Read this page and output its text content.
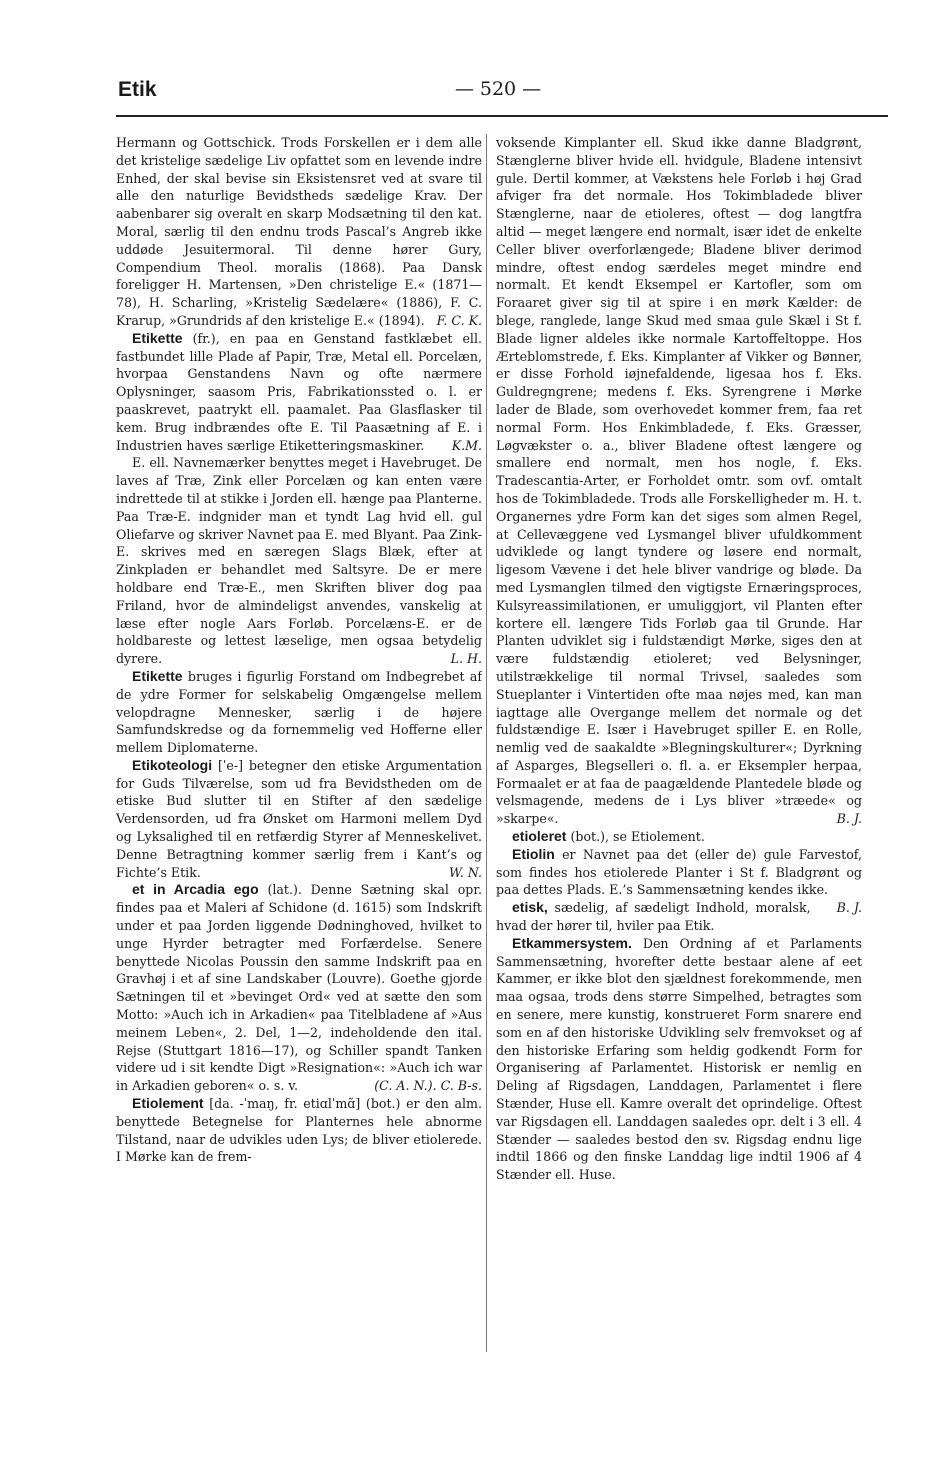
Etik	— 520 —

Hermann og Gottschick. Trods Forskellen er i dem alle det kristelige sædelige Liv opfattet som en levende indre Enhed, der skal bevise sin Eksistensret ved at svare til alle den naturlige Bevidstheds sædelige Krav. Der aabenbarer sig overalt en skarp Modsætning til den kat. Moral, særlig til den endnu trods Pascal’s Angreb ikke uddøde Jesuitermoral. Til denne hører Gury, Compendium Theol. moralis (1868). Paa Dansk foreligger H. Martensen, »Den christelige E.« (1871—78), H. Scharling, »Kristelig Sædelære« (1886), F. C. Krarup, »Grundrids af den kristelige E.« (1894). F. C. K.

Etikette (fr.), en paa en Genstand fastklæbet ell. fastbundet lille Plade af Papir, Træ, Metal ell. Porcelæn, hvorpaa Genstandens Navn og ofte nærmere Oplysninger, saasom Pris, Fabrikationssted o. l. er paaskrevet, paatrykt ell. paamalet. Paa Glasflasker til kem. Brug indbrændes ofte E. Til Paasætning af E. i Industrien haves særlige Etiketteringsmaskiner.	K.M.

E. ell. Navnemærker benyttes meget i Havebruget. De laves af Træ, Zink eller Porcelæn og kan enten være indrettede til at stikke i Jorden ell. hænge paa Planterne. Paa Træ-E. indgnider man et tyndt Lag hvid ell. gul Oliefarve og skriver Navnet paa E. med Blyant. Paa Zink-E. skrives med en særegen Slags Blæk, efter at Zinkpladen er behandlet med Saltsyre. De er mere holdbare end Træ-E., men Skriften bliver dog paa Friland, hvor de almindeligst anvendes, vanskelig at læse efter nogle Aars Forløb. Porcelæns-E. er de holdbareste og lettest læselige, men ogsaa betydelig dyrere.	L. H.

Etikette bruges i figurlig Forstand om Indbegrebet af de ydre Former for selskabelig Omgængelse mellem velopdragne Mennesker, særlig i de højere Samfundskredse og da fornemmelig ved Hofferne eller mellem Diplomaterne.

Etikoteologi [ˈe-] betegner den etiske Argumentation for Guds Tilværelse, som ud fra Bevidstheden om de etiske Bud slutter til en Stifter af den sædelige Verdensorden, ud fra Ønsket om Harmoni mellem Dyd og Lyksalighed til en retfærdig Styrer af Menneskelivet. Denne Betragtning kommer særlig frem i Kant’s og Fichte’s Etik.	W. N.

et in Arcadia ego (lat.). Denne Sætning skal opr. findes paa et Maleri af Schidone (d. 1615) som Indskrift under et paa Jorden liggende Dødninghoved, hvilket to unge Hyrder betragter med Forfærdelse. Senere benyttede Nicolas Poussin den samme Indskrift paa en Gravhøj i et af sine Landskaber (Louvre). Goethe gjorde Sætningen til et »bevinget Ord« ved at sætte den som Motto: »Auch ich in Arkadien« paa Titelbladene af »Aus meinem Leben«, 2. Del, 1—2, indeholdende den ital. Rejse (Stuttgart 1816—17), og Schiller spandt Tanken videre ud i sit kendte Digt »Resignation«: »Auch ich war in Arkadien geboren« o. s. v.	(C. A. N.). C. B-s.

Etiolement [da. -ˈmaŋ, fr. etiɑlˈmɑ̃] (bot.) er den alm. benyttede Betegnelse for Planternes hele abnorme Tilstand, naar de udvikles uden Lys; de bliver etiolerede. I Mørke kan de frem-

voksende Kimplanter ell. Skud ikke danne Bladgrønt, Stænglerne bliver hvide ell. hvidgule, Bladene intensivt gule. Dertil kommer, at Vækstens hele Forløb i høj Grad afviger fra det normale. Hos Tokimbladede bliver Stænglerne, naar de etioleres, oftest — dog langtfra altid — meget længere end normalt, især idet de enkelte Celler bliver overforlængede; Bladene bliver derimod mindre, oftest endog særdeles meget mindre end normalt. Et kendt Eksempel er Kartofler, som om Foraaret giver sig til at spire i en mørk Kælder: de blege, ranglede, lange Skud med smaa gule Skæl i St f. Blade ligner aldeles ikke normale Kartoffeltoppe. Hos Ærteblomstrede, f. Eks. Kimplanter af Vikker og Bønner, er disse Forhold iøjnefaldende, ligesaa hos f. Eks. Guldregngrene; medens f. Eks. Syrengrene i Mørke lader de Blade, som overhovedet kommer frem, faa ret normal Form. Hos Enkimbladede, f. Eks. Græsser, Løgvækster o. a., bliver Bladene oftest længere og smallere end normalt, men hos nogle, f. Eks. Tradescantia-Arter, er Forholdet omtr. som ovf. omtalt hos de Tokimbladede. Trods alle Forskelligheder m. H. t. Organernes ydre Form kan det siges som almen Regel, at Cellevæggene ved Lysmangel bliver ufuldkomment udviklede og langt tyndere og løsere end normalt, ligesom Vævene i det hele bliver vandrige og bløde. Da med Lysmanglen tilmed den vigtigste Ernæringsproces, Kulsyreassimilationen, er umuliggjort, vil Planten efter kortere ell. længere Tids Forløb gaa til Grunde. Har Planten udviklet sig i fuldstændigt Mørke, siges den at være fuldstændig etioleret; ved Belysninger, utilstrækkelige til normal Trivsel, saaledes som Stueplanter i Vintertiden ofte maa nøjes med, kan man iagttage alle Overgange mellem det normale og det fuldstændige E. Især i Havebruget spiller E. en Rolle, nemlig ved de saakaldte »Blegningskulturer«; Dyrkning af Asparges, Blegselleri o. fl. a. er Eksempler herpaa, Formaalet er at faa de paagældende Plantedele bløde og velsmagende, medens de i Lys bliver »træede« og »skarpe«.	B. J.

etioleret (bot.), se Etiolement.

Etiolin er Navnet paa det (eller de) gule Farvestof, som findes hos etiolerede Planter i St f. Bladgrønt og paa dettes Plads. E.’s Sammensætning kendes ikke.
B. J.

etisk, sædelig, af sædeligt Indhold, moralsk, hvad der hører til, hviler paa Etik.

Etkammersystem. Den Ordning af et Parlaments Sammensætning, hvorefter dette bestaar alene af eet Kammer, er ikke blot den sjældnest forekommende, men maa ogsaa, trods dens større Simpelhed, betragtes som en senere, mere kunstig, konstrueret Form snarere end som en af den historiske Udvikling selv fremvokset og af den historiske Erfaring som heldig godkendt Form for Organisering af Parlamentet. Historisk er nemlig en Deling af Rigsdagen, Landdagen, Parlamentet i flere Stænder, Huse ell. Kamre overalt det oprindelige. Oftest var Rigsdagen ell. Landdagen saaledes opr. delt i 3 ell. 4 Stænder — saaledes bestod den sv. Rigsdag endnu lige indtil 1866 og den finske Landdag lige indtil 1906 af 4 Stænder ell. Huse.
